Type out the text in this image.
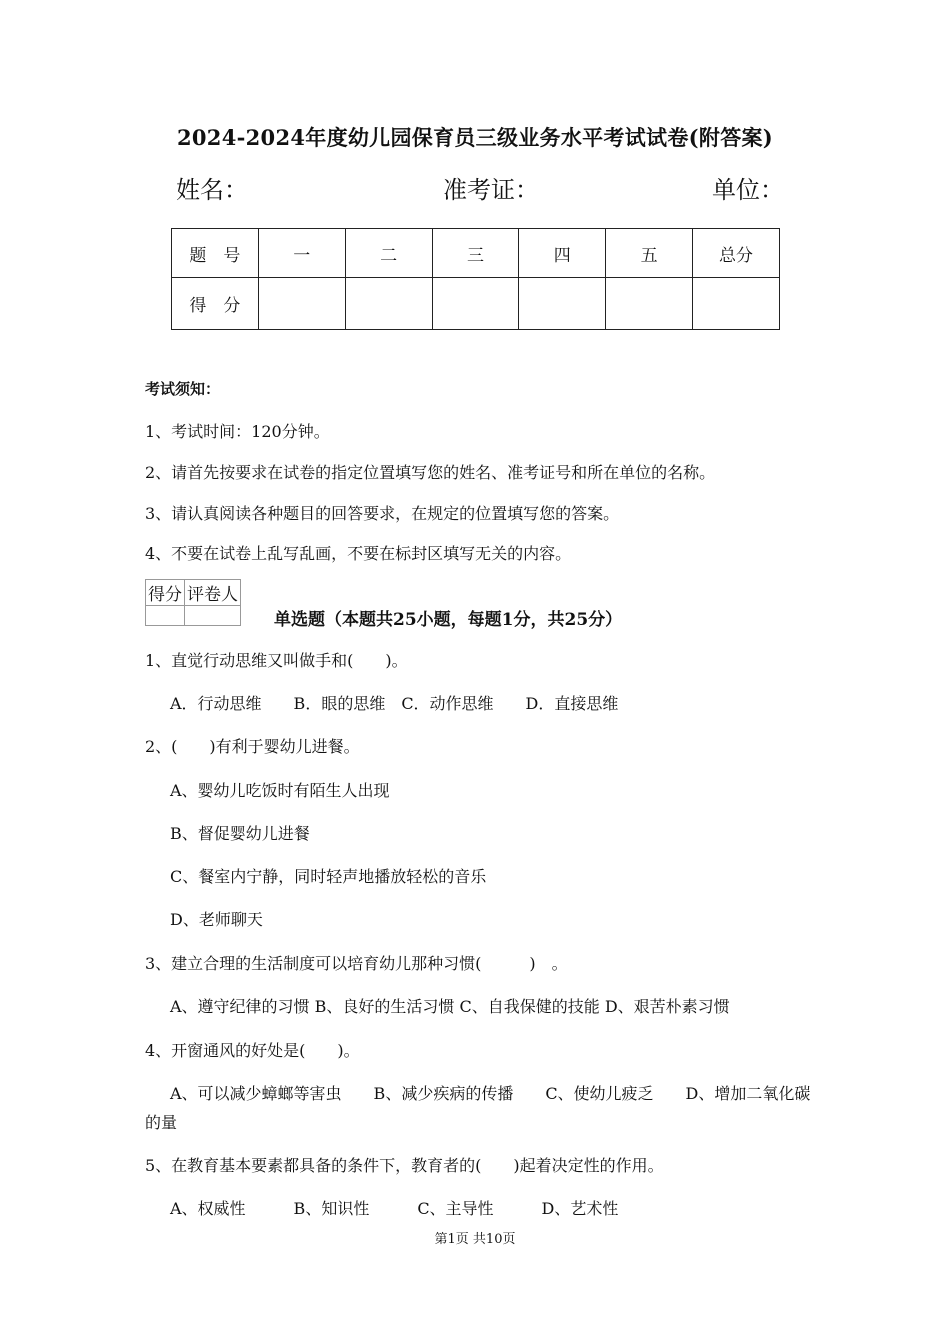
2024-2024年度幼儿园保育员三级业务水平考试试卷(附答案)
姓名：	准考证：	单位：
题　号	一	二	三	四	五	总分
得　分						
考试须知：
1、考试时间：120分钟。
2、请首先按要求在试卷的指定位置填写您的姓名、准考证号和所在单位的名称。
3、请认真阅读各种题目的回答要求，在规定的位置填写您的答案。
4、不要在试卷上乱写乱画，不要在标封区填写无关的内容。
得分	评卷人

单选题（本题共25小题，每题1分，共25分）
1、直觉行动思维又叫做手和(　　)。
A．行动思维　　B．眼的思维　C．动作思维　　D．直接思维
2、(　　)有利于婴幼儿进餐。
A、婴幼儿吃饭时有陌生人出现
B、督促婴幼儿进餐
C、餐室内宁静，同时轻声地播放轻松的音乐
D、老师聊天
3、建立合理的生活制度可以培育幼儿那种习惯(　　　)　。
A、遵守纪律的习惯 B、良好的生活习惯 C、自我保健的技能 D、艰苦朴素习惯
4、开窗通风的好处是(　　)。
A、可以减少蟑螂等害虫　　B、减少疾病的传播　　C、使幼儿疲乏　　D、增加二氧化碳
的量
5、在教育基本要素都具备的条件下，教育者的(　　)起着决定性的作用。
A、权威性　　　B、知识性　　　C、主导性　　　D、艺术性
第1页 共10页
